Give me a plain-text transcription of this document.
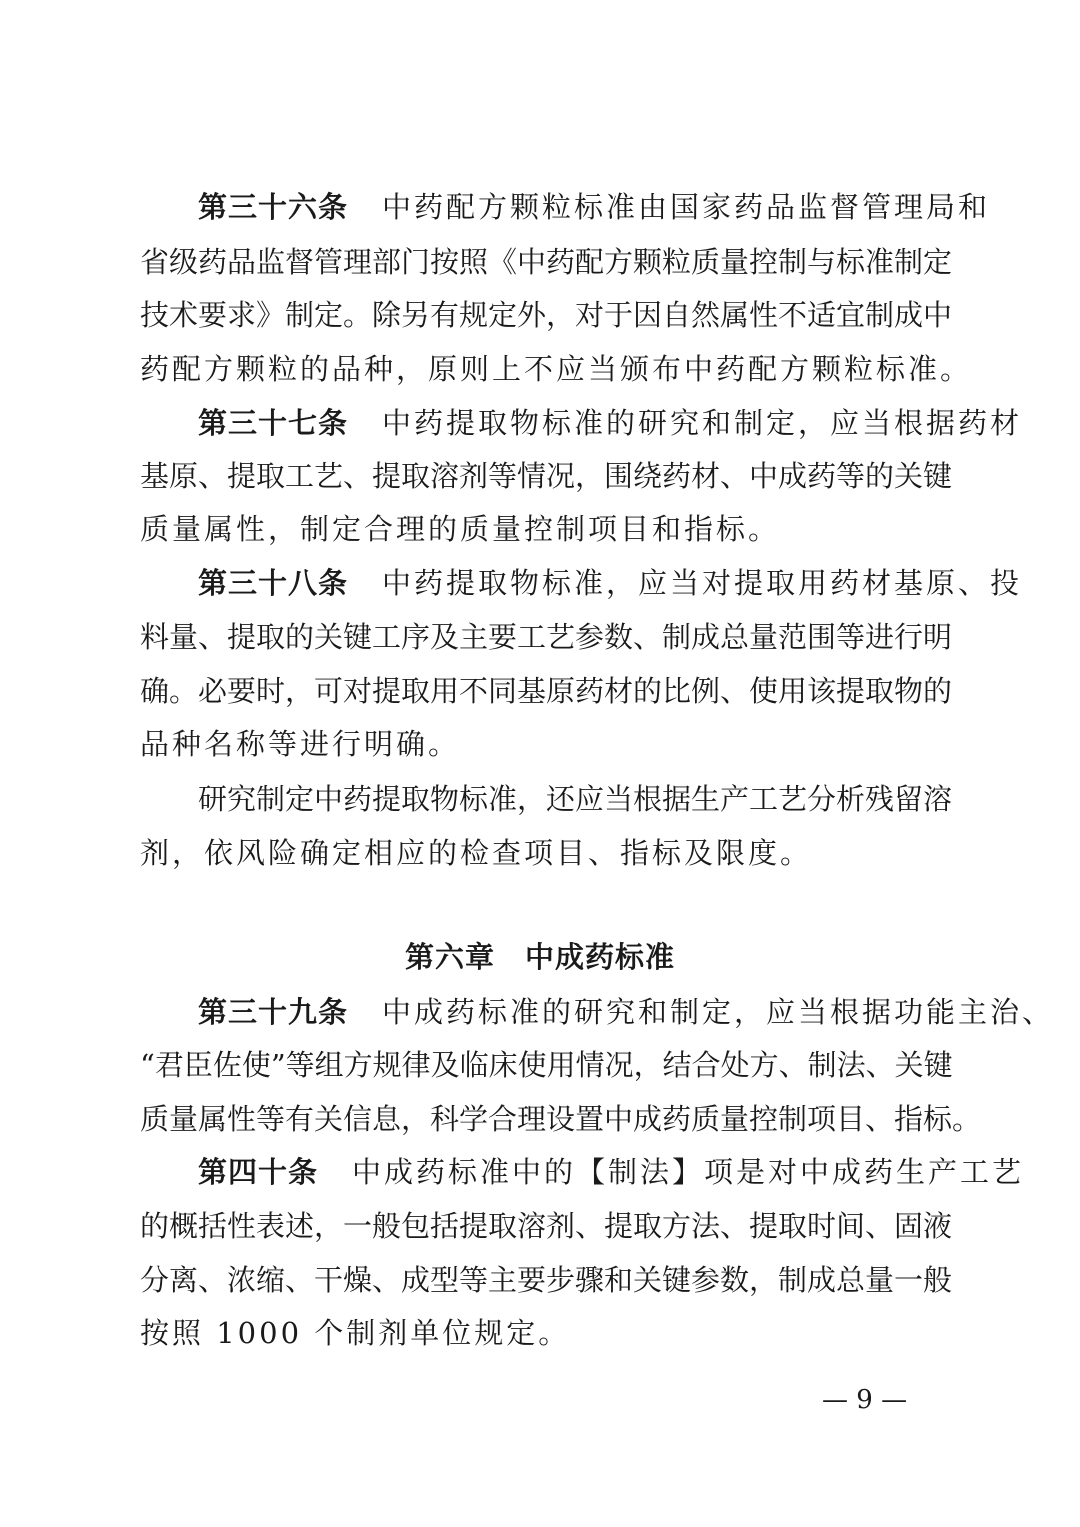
第三十六条 中药配方颗粒标准由国家药品监督管理局和
省级药品监督管理部门按照《中药配方颗粒质量控制与标准制定
技术要求》制定。除另有规定外，对于因自然属性不适宜制成中
药配方颗粒的品种，原则上不应当颁布中药配方颗粒标准。
第三十七条 中药提取物标准的研究和制定，应当根据药材
基原、提取工艺、提取溶剂等情况，围绕药材、中成药等的关键
质量属性，制定合理的质量控制项目和指标。
第三十八条 中药提取物标准，应当对提取用药材基原、投
料量、提取的关键工序及主要工艺参数、制成总量范围等进行明
确。必要时，可对提取用不同基原药材的比例、使用该提取物的
品种名称等进行明确。
研究制定中药提取物标准，还应当根据生产工艺分析残留溶
剂，依风险确定相应的检查项目、指标及限度。
第六章 中成药标准
第三十九条 中成药标准的研究和制定，应当根据功能主治、
“君臣佐使”等组方规律及临床使用情况，结合处方、制法、关键
质量属性等有关信息，科学合理设置中成药质量控制项目、指标。
第四十条 中成药标准中的【制法】项是对中成药生产工艺
的概括性表述，一般包括提取溶剂、提取方法、提取时间、固液
分离、浓缩、干燥、成型等主要步骤和关键参数，制成总量一般
按照 1000 个制剂单位规定。
— 9 —
